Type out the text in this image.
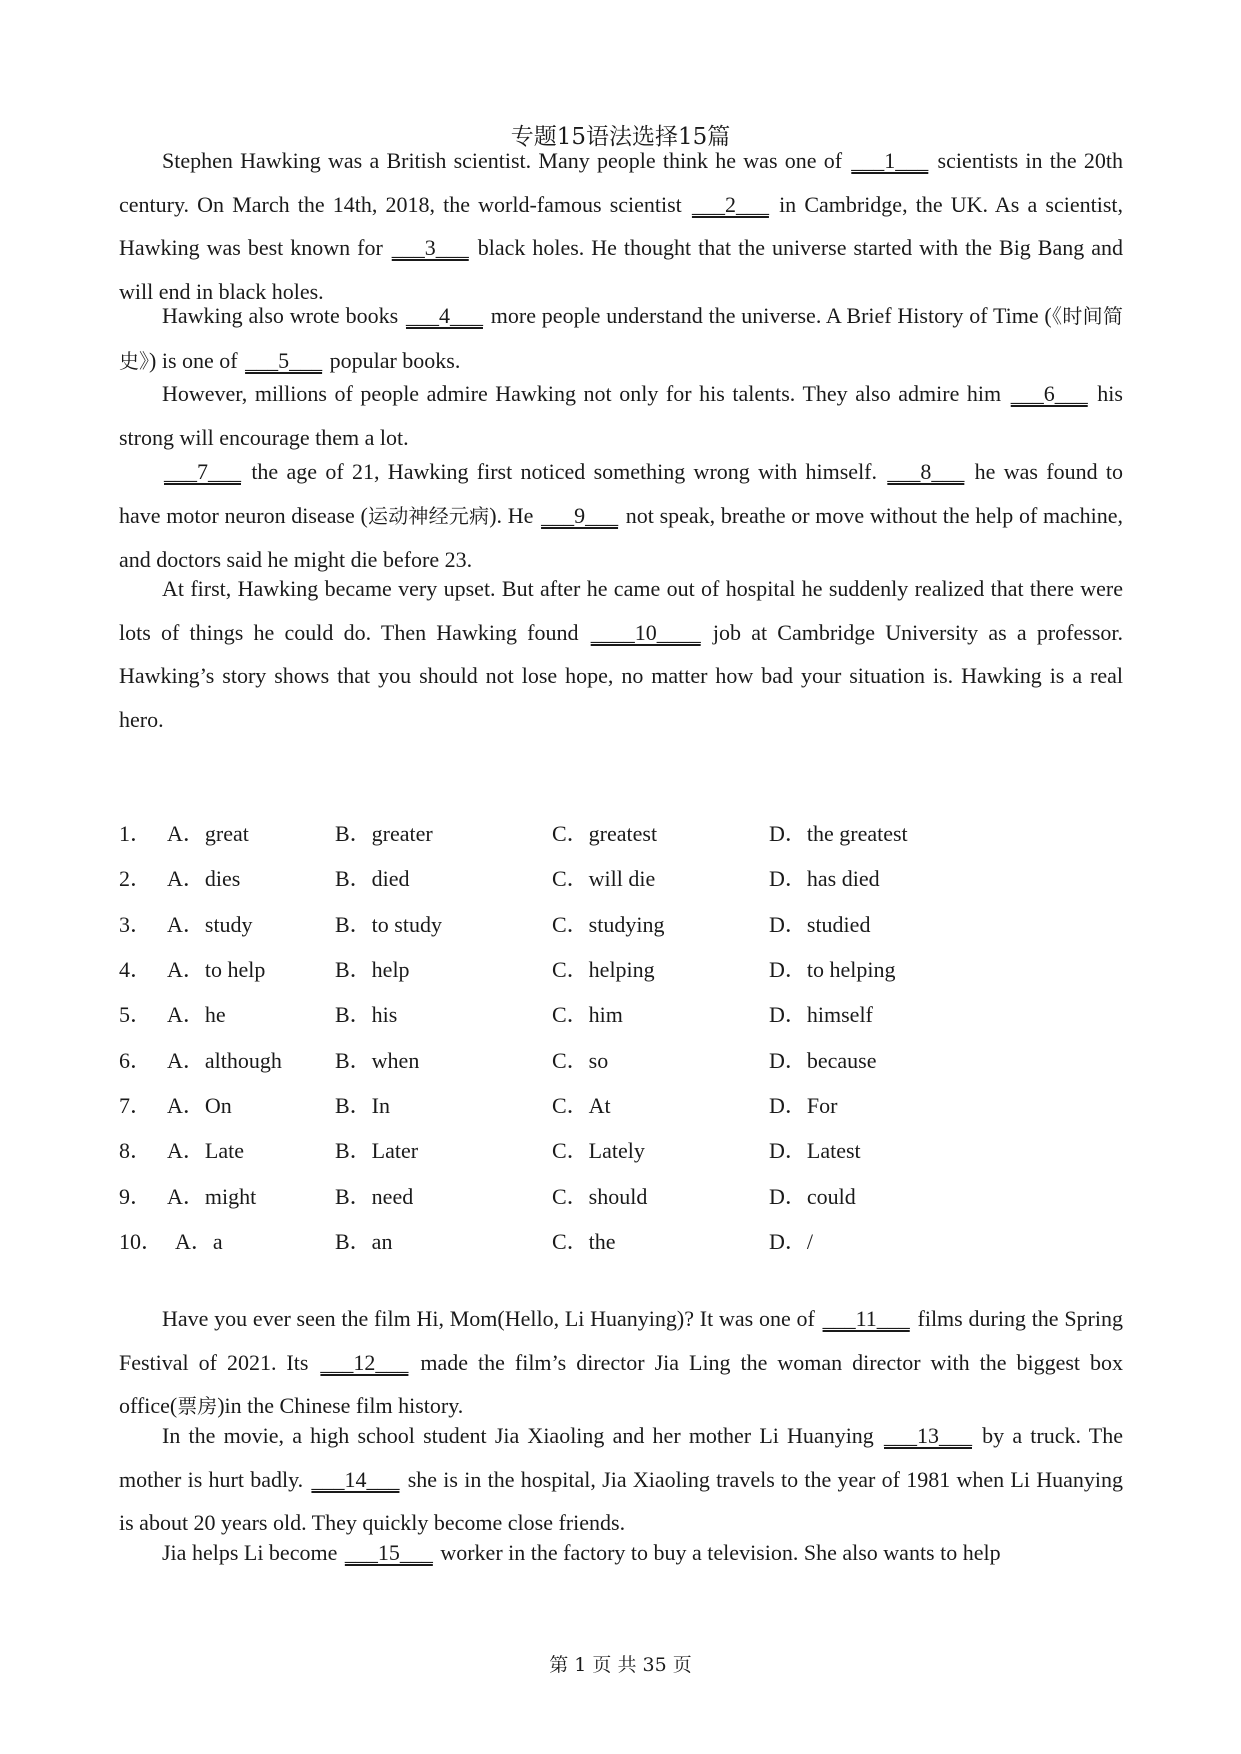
专题15语法选择15篇

Stephen Hawking was a British scientist. Many people think he was one of ___1___ scientists in the 20th century. On March the 14th, 2018, the world-famous scientist ___2___ in Cambridge, the UK. As a scientist, Hawking was best known for ___3___ black holes. He thought that the universe started with the Big Bang and will end in black holes.

Hawking also wrote books ___4___ more people understand the universe. A Brief History of Time (《时间简史》) is one of ___5___ popular books.

However, millions of people admire Hawking not only for his talents. They also admire him ___6___ his strong will encourage them a lot.

___7___ the age of 21, Hawking first noticed something wrong with himself. ___8___ he was found to have motor neuron disease (运动神经元病). He ___9___ not speak, breathe or move without the help of machine, and doctors said he might die before 23.

At first, Hawking became very upset. But after he came out of hospital he suddenly realized that there were lots of things he could do. Then Hawking found ____10____ job at Cambridge University as a professor. Hawking’s story shows that you should not lose hope, no matter how bad your situation is. Hawking is a real hero.

1． A．great	B．greater	C．greatest	D．the greatest
2． A．dies	B．died	C．will die	D．has died
3． A．study	B．to study	C．studying	D．studied
4． A．to help	B．help	C．helping	D．to helping
5． A．he	B．his	C．him	D．himself
6． A．although B．when	C．so	D．because
7． A．On	B．In	C．At	D．For
8． A．Late	B．Later	C．Lately	D．Latest
9． A．might	B．need	C．should	D．could
10． A．a	B．an	C．the	D．/

Have you ever seen the film Hi, Mom(Hello, Li Huanying)? It was one of ___11___ films during the Spring Festival of 2021. Its ___12___ made the film’s director Jia Ling the woman director with the biggest box office(票房)in the Chinese film history.

In the movie, a high school student Jia Xiaoling and her mother Li Huanying ___13___ by a truck. The mother is hurt badly. ___14___ she is in the hospital, Jia Xiaoling travels to the year of 1981 when Li Huanying is about 20 years old. They quickly become close friends.

Jia helps Li become ___15___ worker in the factory to buy a television. She also wants to help

第 1 页 共 35 页
